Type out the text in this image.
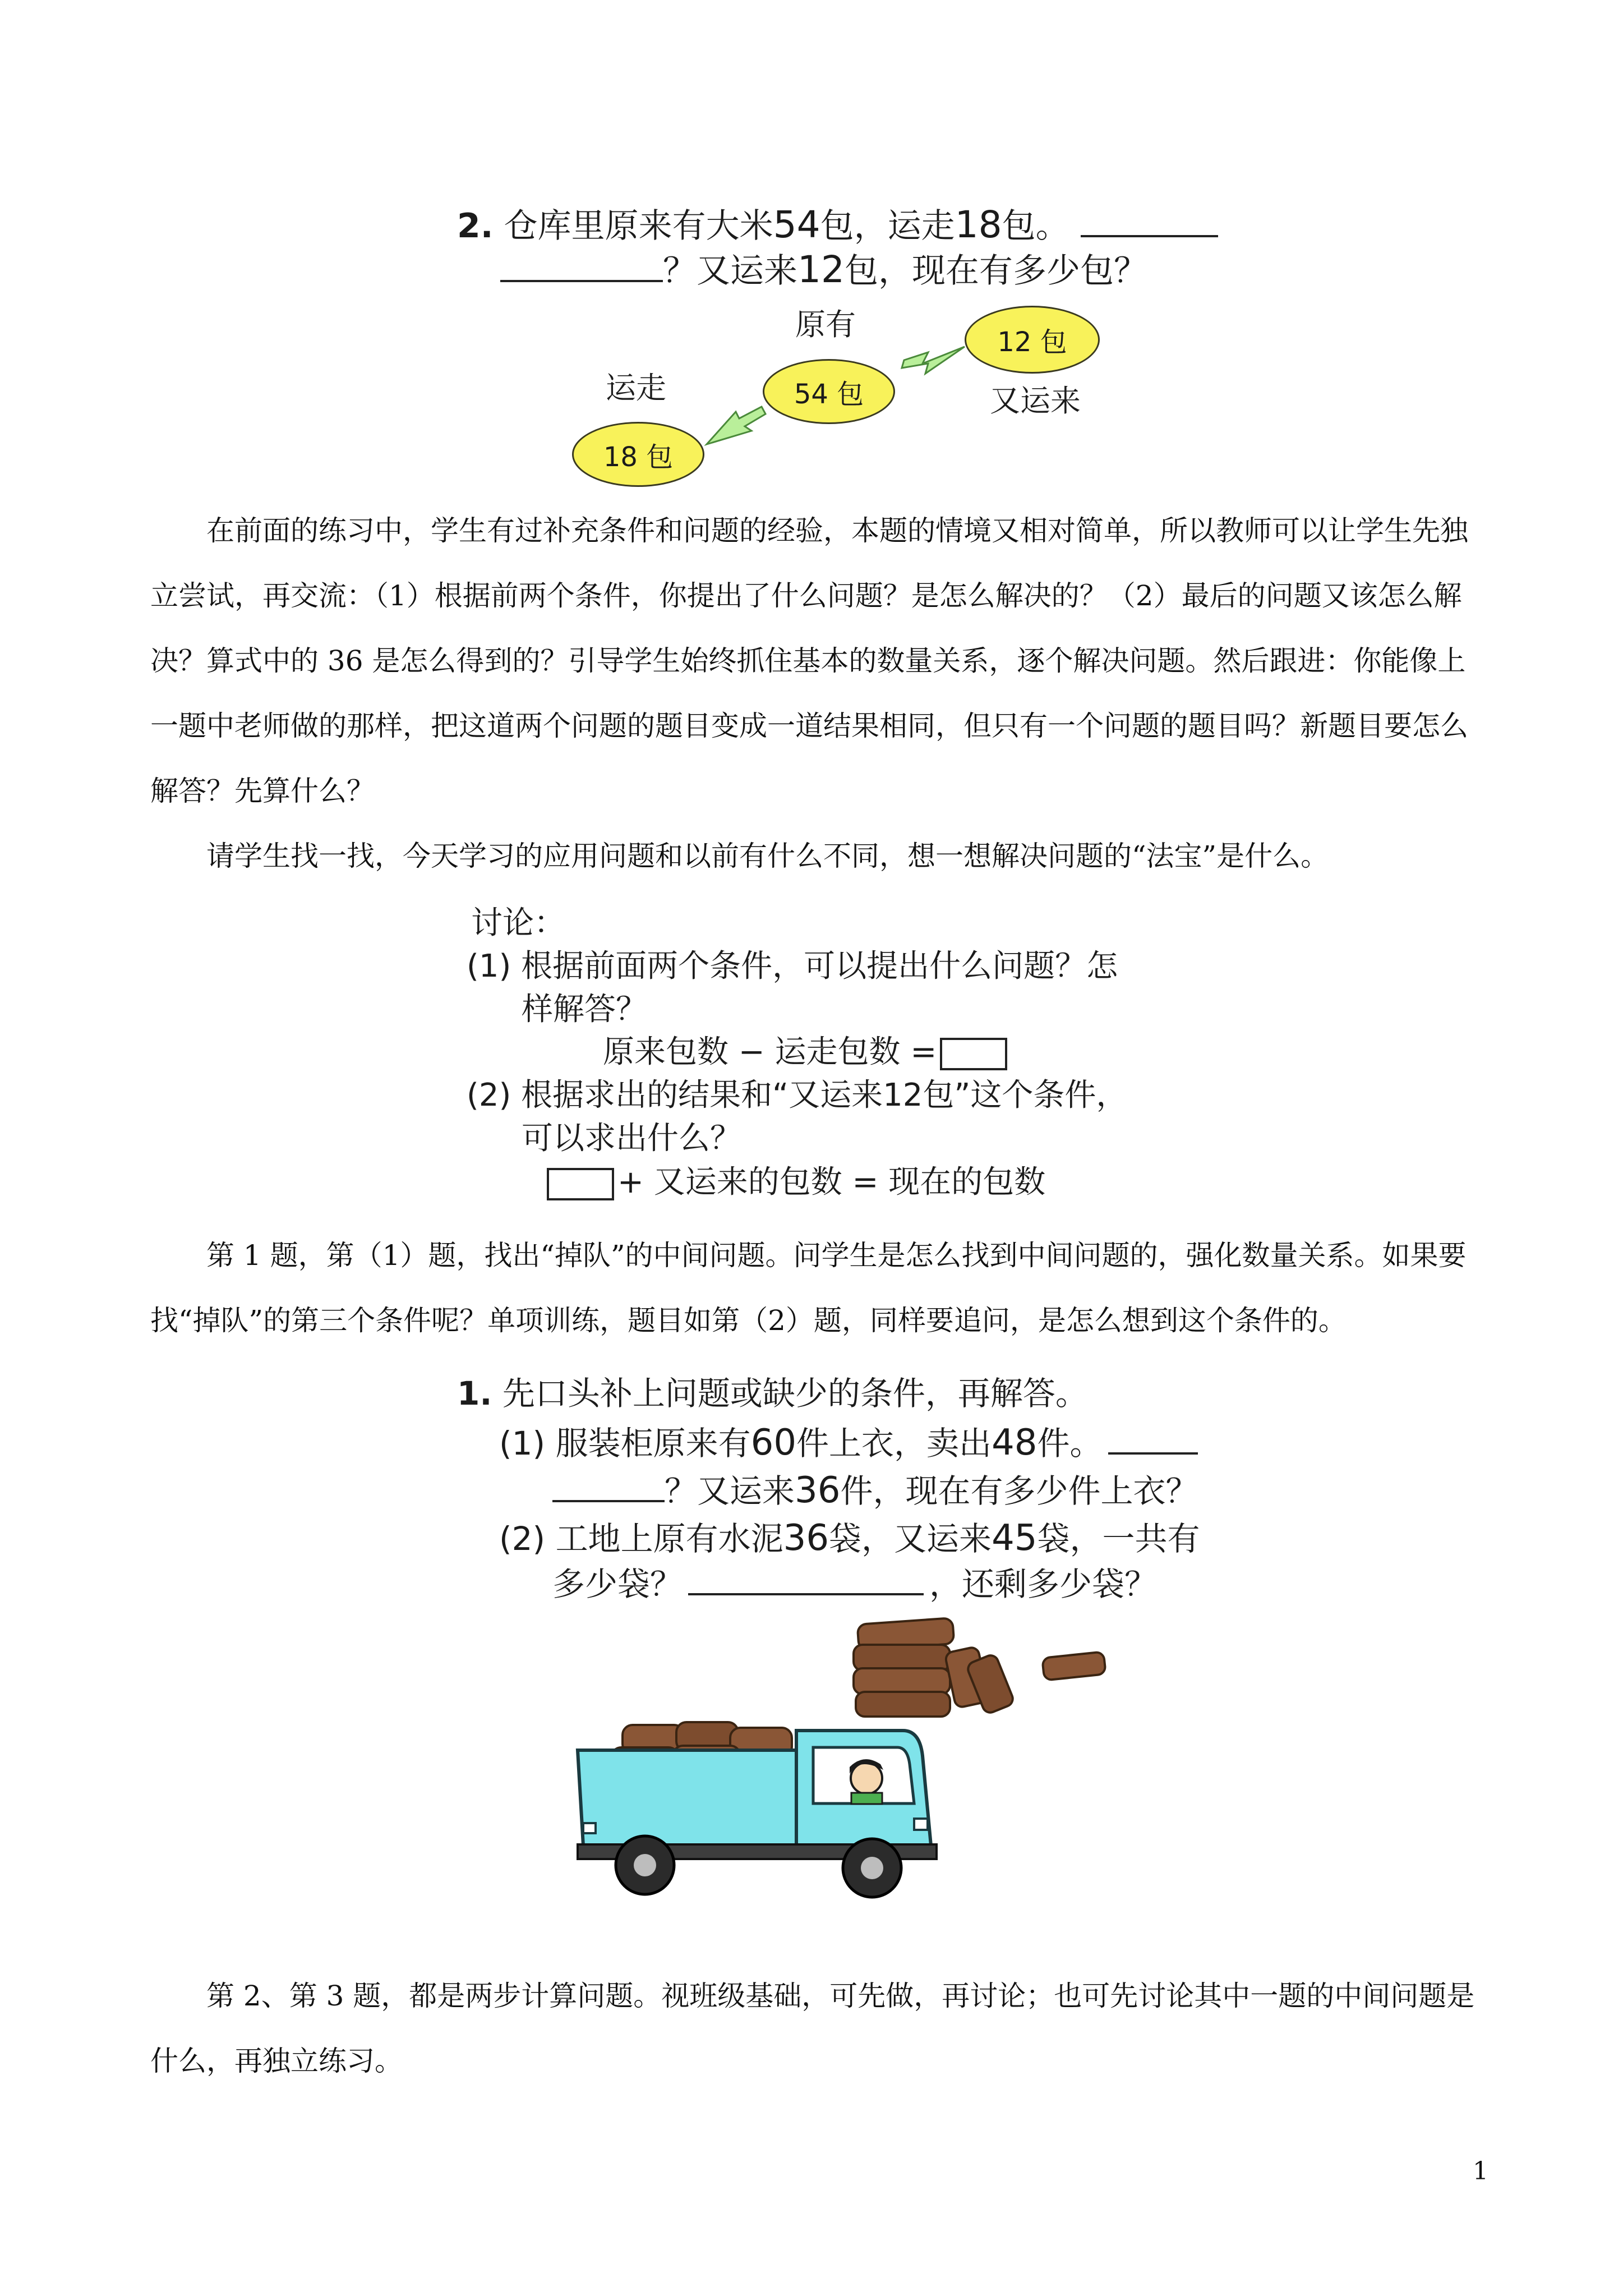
2. 仓库里原来有大米54包，运走18包。
？又运来12包，现在有多少包？
原有
运走	又运来
54 包
18 包
12 包

在前面的练习中，学生有过补充条件和问题的经验，本题的情境又相对简单，所以教师可以让学生先独立尝试，再交流：（1）根据前两个条件，你提出了什么问题？是怎么解决的？（2）最后的问题又该怎么解决？算式中的 36 是怎么得到的？引导学生始终抓住基本的数量关系，逐个解决问题。然后跟进：你能像上一题中老师做的那样，把这道两个问题的题目变成一道结果相同，但只有一个问题的题目吗？新题目要怎么解答？先算什么？

请学生找一找，今天学习的应用问题和以前有什么不同，想一想解决问题的“法宝”是什么。

讨论：
(1) 根据前面两个条件，可以提出什么问题？怎
样解答？
原来包数 − 运走包数 =
(2) 根据求出的结果和“又运来12包”这个条件，
可以求出什么？
+ 又运来的包数 = 现在的包数

第 1 题，第（1）题，找出“掉队”的中间问题。问学生是怎么找到中间问题的，强化数量关系。如果要找“掉队”的第三个条件呢？单项训练，题目如第（2）题，同样要追问，是怎么想到这个条件的。

1. 先口头补上问题或缺少的条件，再解答。
(1) 服装柜原来有60件上衣，卖出48件。
？又运来36件，现在有多少件上衣？
(2) 工地上原有水泥36袋，又运来45袋，一共有
多少袋？	，还剩多少袋？

第 2、第 3 题，都是两步计算问题。视班级基础，可先做，再讨论；也可先讨论其中一题的中间问题是什么，再独立练习。

1
